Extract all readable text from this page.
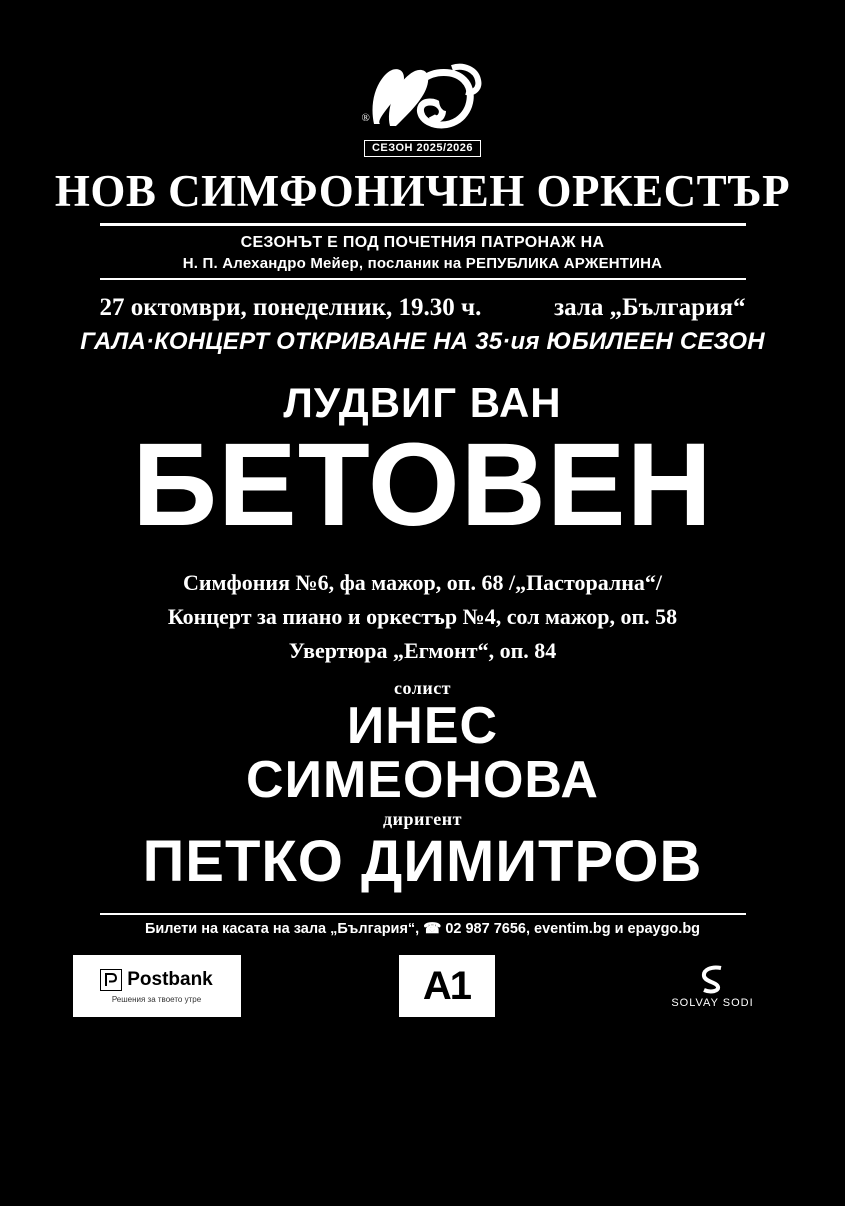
®
СЕЗОН 2025/2026
НОВ СИМФОНИЧЕН ОРКЕСТЪР
СЕЗОНЪТ Е ПОД ПОЧЕТНИЯ ПАТРОНАЖ НА
Н. П. Алехандро Мейер, посланик на РЕПУБЛИКА АРЖЕНТИНА
27 октомври, понеделник, 19.30 ч.	зала „България“
ГАЛА·КОНЦЕРТ ОТКРИВАНЕ НА 35·ия ЮБИЛЕЕН СЕЗОН
ЛУДВИГ ВАН
БЕТОВЕН
Симфония №6, фа мажор, оп. 68 /„Пасторална“/
Концерт за пиано и оркестър №4, сол мажор, оп. 58
Увертюра „Егмонт“, оп. 84
солист
ИНЕС
СИМЕОНОВА
диригент
ПЕТКО ДИМИТРОВ
Билети на касата на зала „България“, ☎ 02 987 7656, eventim.bg и epaygo.bg
Postbank
Решения за твоето утре	A1	SOLVAY SODI
